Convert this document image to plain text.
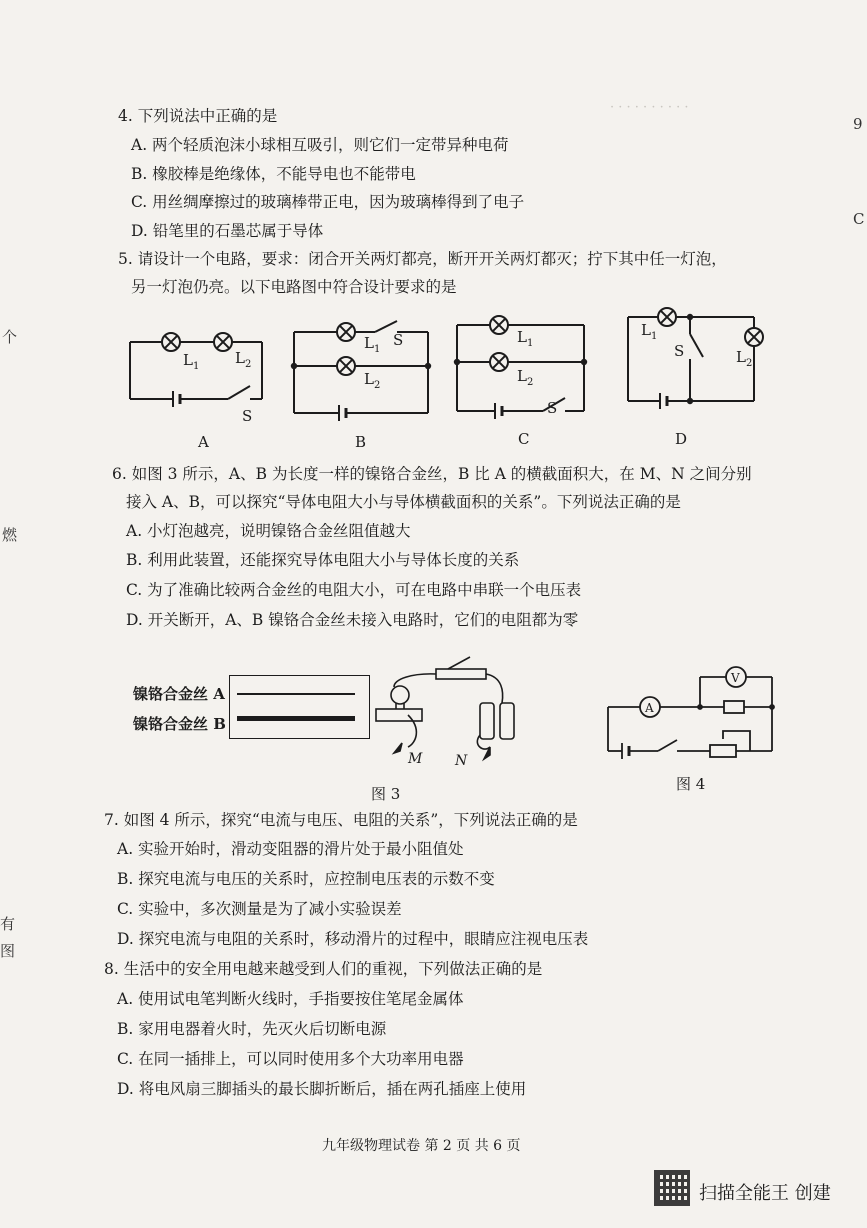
· · · · · · · · · ·
个
燃
有
图
9
C
4. 下列说法中正确的是
A. 两个轻质泡沫小球相互吸引，则它们一定带异种电荷
B. 橡胶棒是绝缘体，不能导电也不能带电
C. 用丝绸摩擦过的玻璃棒带正电，因为玻璃棒得到了电子
D. 铅笔里的石墨芯属于导体
5. 请设计一个电路，要求：闭合开关两灯都亮，断开开关两灯都灭；拧下其中任一灯泡，
另一灯泡仍亮。以下电路图中符合设计要求的是
$L_1$ $L_2$
S
A
$L_1$
$L_2$
S
B
$L_1$
$L_2$
S
C
$L_1$
S	$L_2$
D
6. 如图 3 所示，A、B 为长度一样的镍铬合金丝，B 比 A 的横截面积大，在 M、N 之间分别
接入 A、B，可以探究“导体电阻大小与导体横截面积的关系”。下列说法正确的是
A. 小灯泡越亮，说明镍铬合金丝阻值越大
B. 利用此装置，还能探究导体电阻大小与导体长度的关系
C. 为了准确比较两合金丝的电阻大小，可在电路中串联一个电压表
D. 开关断开，A、B 镍铬合金丝未接入电路时，它们的电阻都为零
镍铬合金丝 A
镍铬合金丝 B
M N
图 3
A
V
图 4
7. 如图 4 所示，探究“电流与电压、电阻的关系”，下列说法正确的是
A. 实验开始时，滑动变阻器的滑片处于最小阻值处
B. 探究电流与电压的关系时，应控制电压表的示数不变
C. 实验中，多次测量是为了减小实验误差
D. 探究电流与电阻的关系时，移动滑片的过程中，眼睛应注视电压表
8. 生活中的安全用电越来越受到人们的重视，下列做法正确的是
A. 使用试电笔判断火线时，手指要按住笔尾金属体
B. 家用电器着火时，先灭火后切断电源
C. 在同一插排上，可以同时使用多个大功率用电器
D. 将电风扇三脚插头的最长脚折断后，插在两孔插座上使用
九年级物理试卷 第 2 页 共 6 页
扫描全能王 创建
